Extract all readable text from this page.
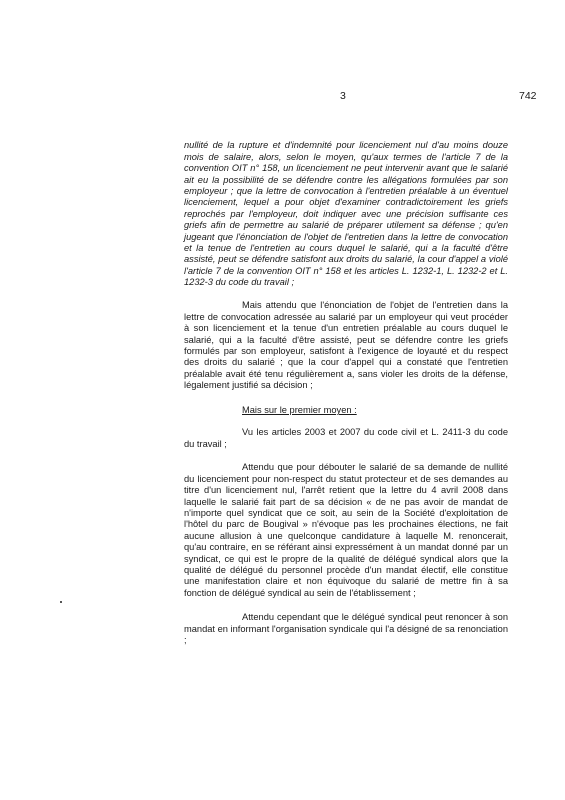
3	742

nullité de la rupture et d'indemnité pour licenciement nul d'au moins douze mois de salaire, alors, selon le moyen, qu'aux termes de l'article 7 de la convention OIT n° 158, un licenciement ne peut intervenir avant que le salarié ait eu la possibilité de se défendre contre les allégations formulées par son employeur ; que la lettre de convocation à l'entretien préalable à un éventuel licenciement, lequel a pour objet d'examiner contradictoirement les griefs reprochés par l'employeur, doit indiquer avec une précision suffisante ces griefs afin de permettre au salarié de préparer utilement sa défense ; qu'en jugeant que l'énonciation de l'objet de l'entretien dans la lettre de convocation et la tenue de l'entretien au cours duquel le salarié, qui a la faculté d'être assisté, peut se défendre satisfont aux droits du salarié, la cour d'appel a violé l'article 7 de la convention OIT n° 158 et les articles L. 1232-1, L. 1232-2 et L. 1232-3 du code du travail ;

Mais attendu que l'énonciation de l'objet de l'entretien dans la lettre de convocation adressée au salarié par un employeur qui veut procéder à son licenciement et la tenue d'un entretien préalable au cours duquel le salarié, qui a la faculté d'être assisté, peut se défendre contre les griefs formulés par son employeur, satisfont à l'exigence de loyauté et du respect des droits du salarié ; que la cour d'appel qui a constaté que l'entretien préalable avait été tenu régulièrement a, sans violer les droits de la défense, légalement justifié sa décision ;

Mais sur le premier moyen :

Vu les articles 2003 et 2007 du code civil et L. 2411-3 du code du travail ;

Attendu que pour débouter le salarié de sa demande de nullité du licenciement pour non-respect du statut protecteur et de ses demandes au titre d'un licenciement nul, l'arrêt retient que la lettre du 4 avril 2008 dans laquelle le salarié fait part de sa décision « de ne pas avoir de mandat de n'importe quel syndicat que ce soit, au sein de la Société d'exploitation de l'hôtel du parc de Bougival » n'évoque pas les prochaines élections, ne fait aucune allusion à une quelconque candidature à laquelle M. renoncerait, qu'au contraire, en se référant ainsi expressément à un mandat donné par un syndicat, ce qui est le propre de la qualité de délégué syndical alors que la qualité de délégué du personnel procède d'un mandat électif, elle constitue une manifestation claire et non équivoque du salarié de mettre fin à sa fonction de délégué syndical au sein de l'établissement ;

Attendu cependant que le délégué syndical peut renoncer à son mandat en informant l'organisation syndicale qui l'a désigné de sa renonciation ;
